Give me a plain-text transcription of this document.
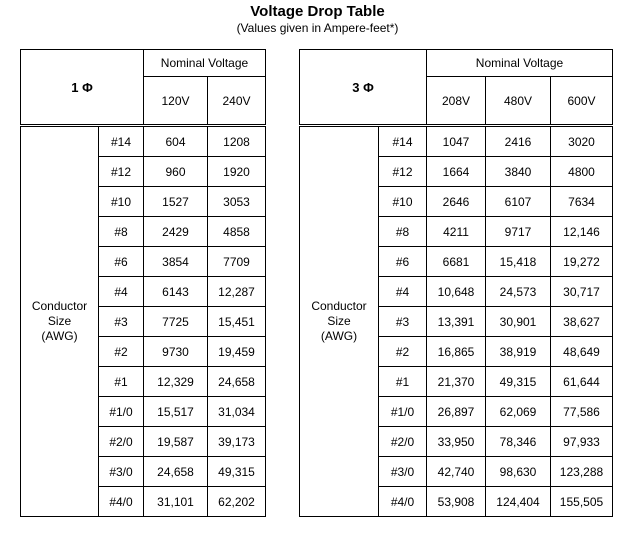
Voltage Drop Table
(Values given in Ampere-feet*)
1 Φ		Nominal Voltage	
		120V	240V

Conductor
Size
(AWG)	#14	604	1208
	#12	960	1920
	#10	1527	3053
	#8	2429	4858
	#6	3854	7709
	#4	6143	12,287
	#3	7725	15,451
	#2	9730	19,459
	#1	12,329	24,658
	#1/0	15,517	31,034
	#2/0	19,587	39,173
	#3/0	24,658	49,315
	#4/0	31,101	62,202
3 Φ		Nominal Voltage		
		208V	480V	600V

Conductor
Size
(AWG)	#14	1047	2416	3020
	#12	1664	3840	4800
	#10	2646	6107	7634
	#8	4211	9717	12,146
	#6	6681	15,418	19,272
	#4	10,648	24,573	30,717
	#3	13,391	30,901	38,627
	#2	16,865	38,919	48,649
	#1	21,370	49,315	61,644
	#1/0	26,897	62,069	77,586
	#2/0	33,950	78,346	97,933
	#3/0	42,740	98,630	123,288
	#4/0	53,908	124,404	155,505
